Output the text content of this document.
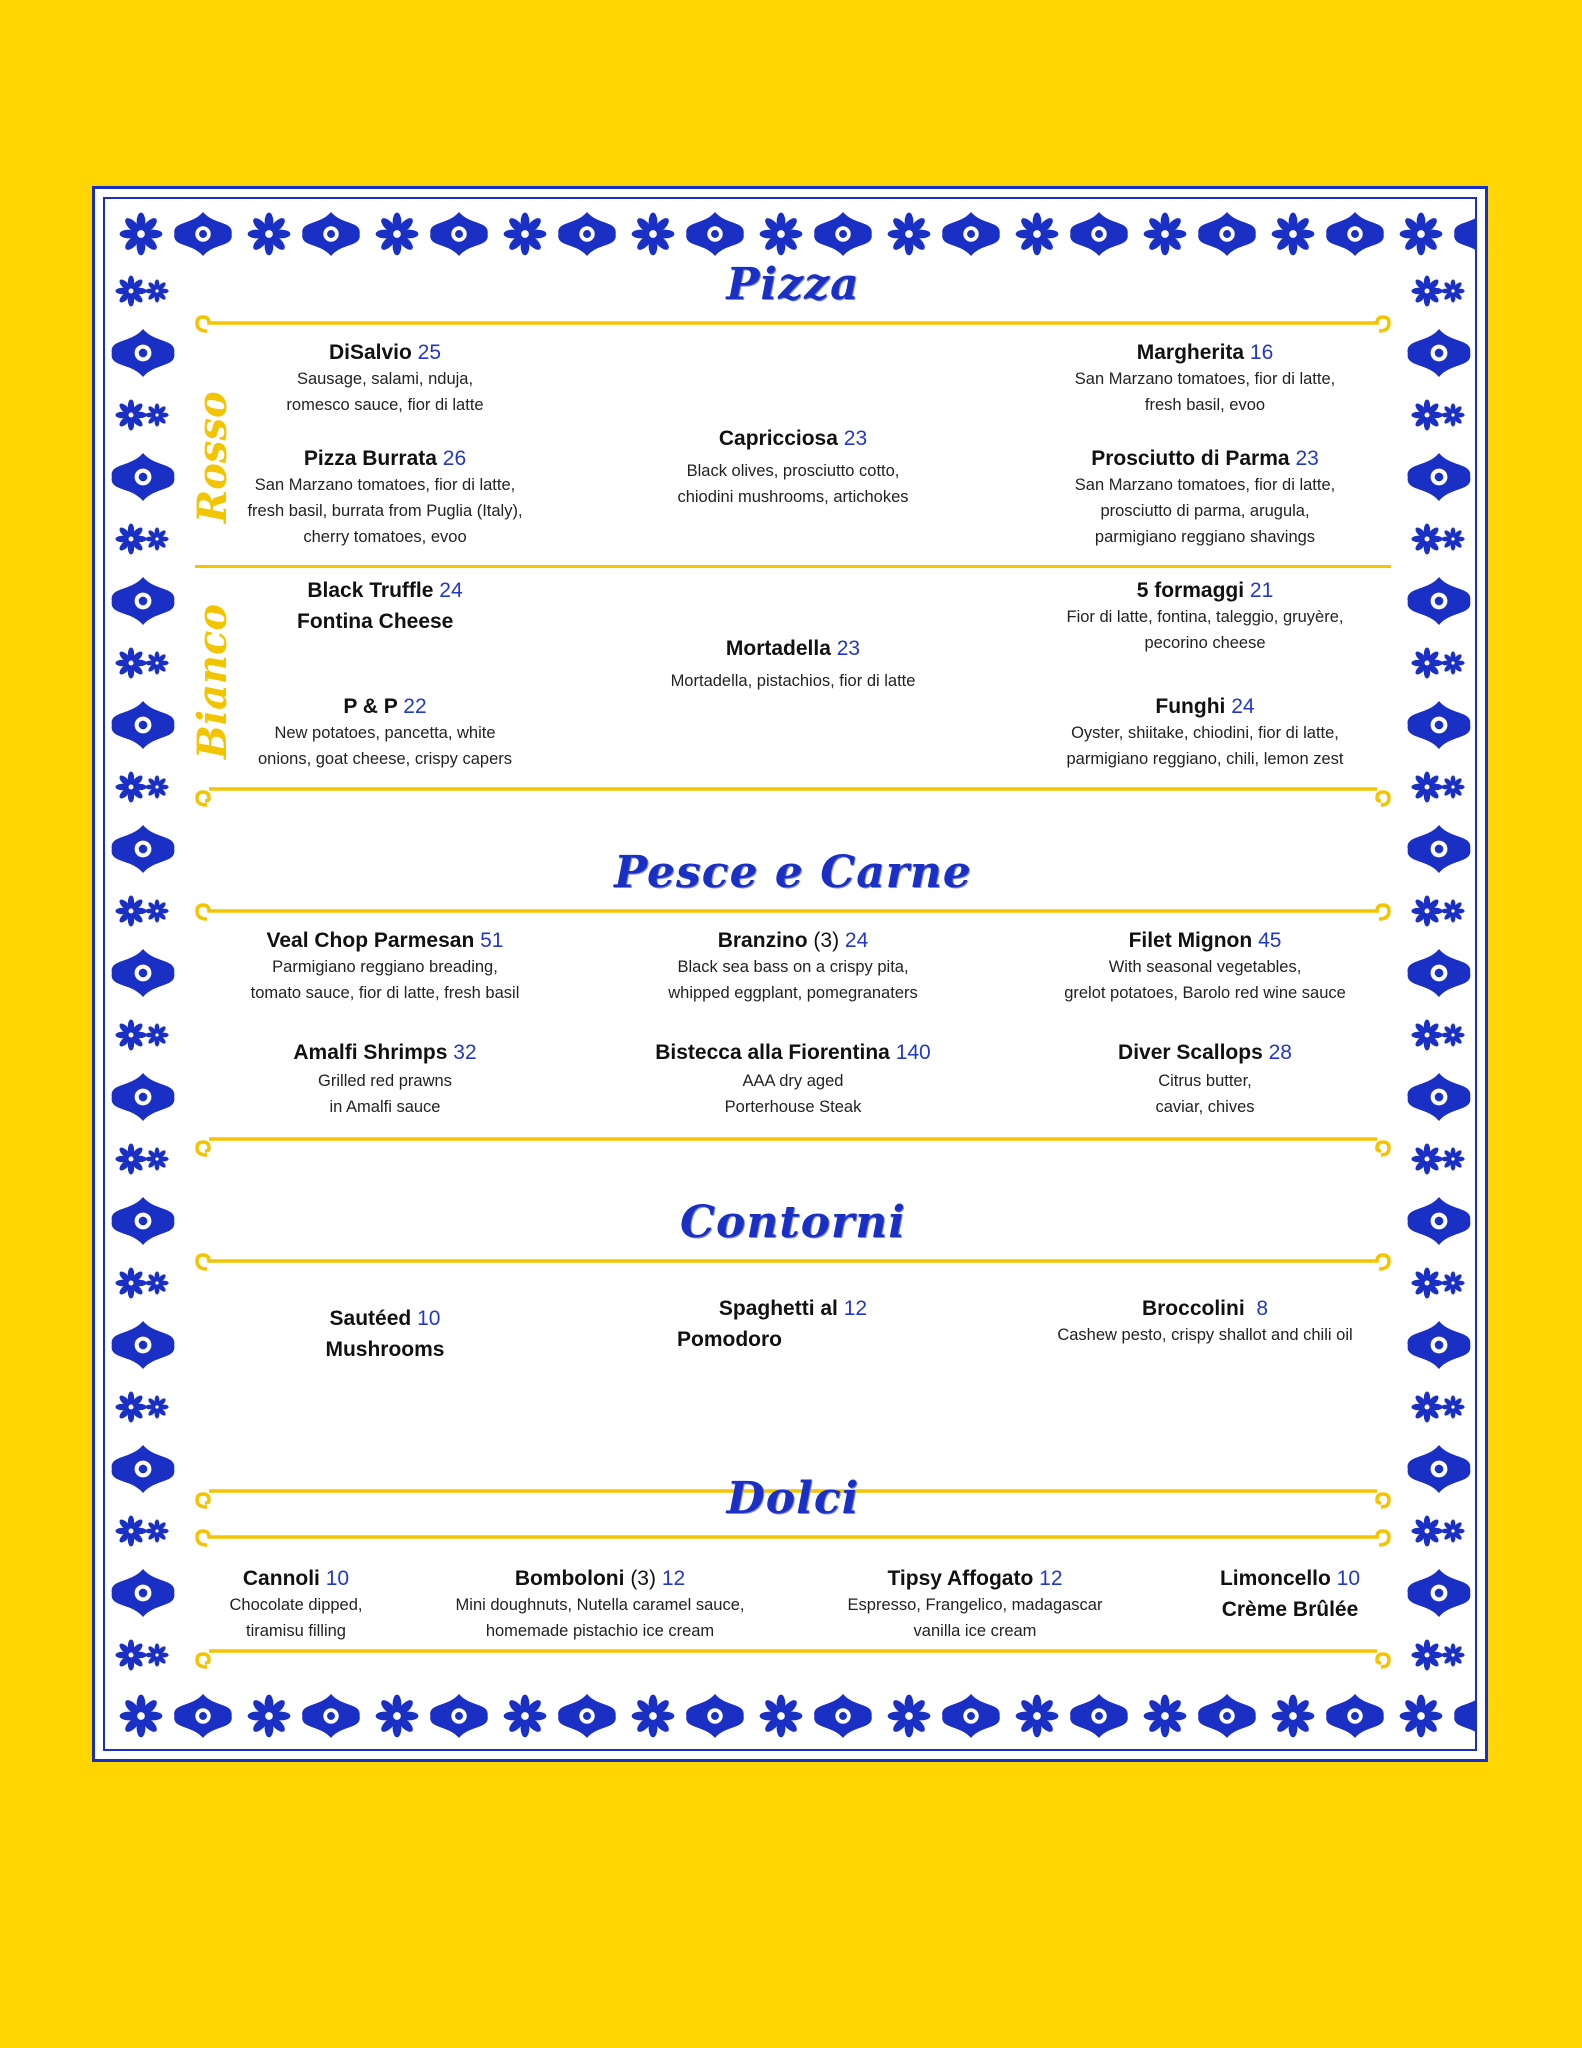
Pizza
Rosso
Bianco
DiSalvio 25
Sausage, salami, nduja,
romesco sauce, fior di latte
Margherita 16
San Marzano tomatoes, fior di latte,
fresh basil, evoo
Capricciosa 23
Black olives, prosciutto cotto,
chiodini mushrooms, artichokes
Pizza Burrata 26
San Marzano tomatoes, fior di latte,
fresh basil, burrata from Puglia (Italy),
cherry tomatoes, evoo
Prosciutto di Parma 23
San Marzano tomatoes, fior di latte,
prosciutto di parma, arugula,
parmigiano reggiano shavings
Black Truffle 24
Fontina Cheese
5 formaggi 21
Fior di latte, fontina, taleggio, gruyère,
pecorino cheese
Mortadella 23
Mortadella, pistachios, fior di latte
P & P 22
New potatoes, pancetta, white
onions, goat cheese, crispy capers
Funghi 24
Oyster, shiitake, chiodini, fior di latte,
parmigiano reggiano, chili, lemon zest
Pesce e Carne
Veal Chop Parmesan 51
Parmigiano reggiano breading,
tomato sauce, fior di latte, fresh basil
Branzino (3) 24
Black sea bass on a crispy pita,
whipped eggplant, pomegranaters
Filet Mignon 45
With seasonal vegetables,
grelot potatoes, Barolo red wine sauce
Amalfi Shrimps 32
Grilled red prawns
in Amalfi sauce
Bistecca alla Fiorentina 140
AAA dry aged
Porterhouse Steak
Diver Scallops 28
Citrus butter,
caviar, chives
Contorni
Sautéed 10
Mushrooms
Spaghetti al 12
Pomodoro
Broccolini 8
Cashew pesto, crispy shallot and chili oil
Dolci
Cannoli 10
Chocolate dipped,
tiramisu filling
Bomboloni (3) 12
Mini doughnuts, Nutella caramel sauce,
homemade pistachio ice cream
Tipsy Affogato 12
Espresso, Frangelico, madagascar
vanilla ice cream
Limoncello 10
Crème Brûlée
